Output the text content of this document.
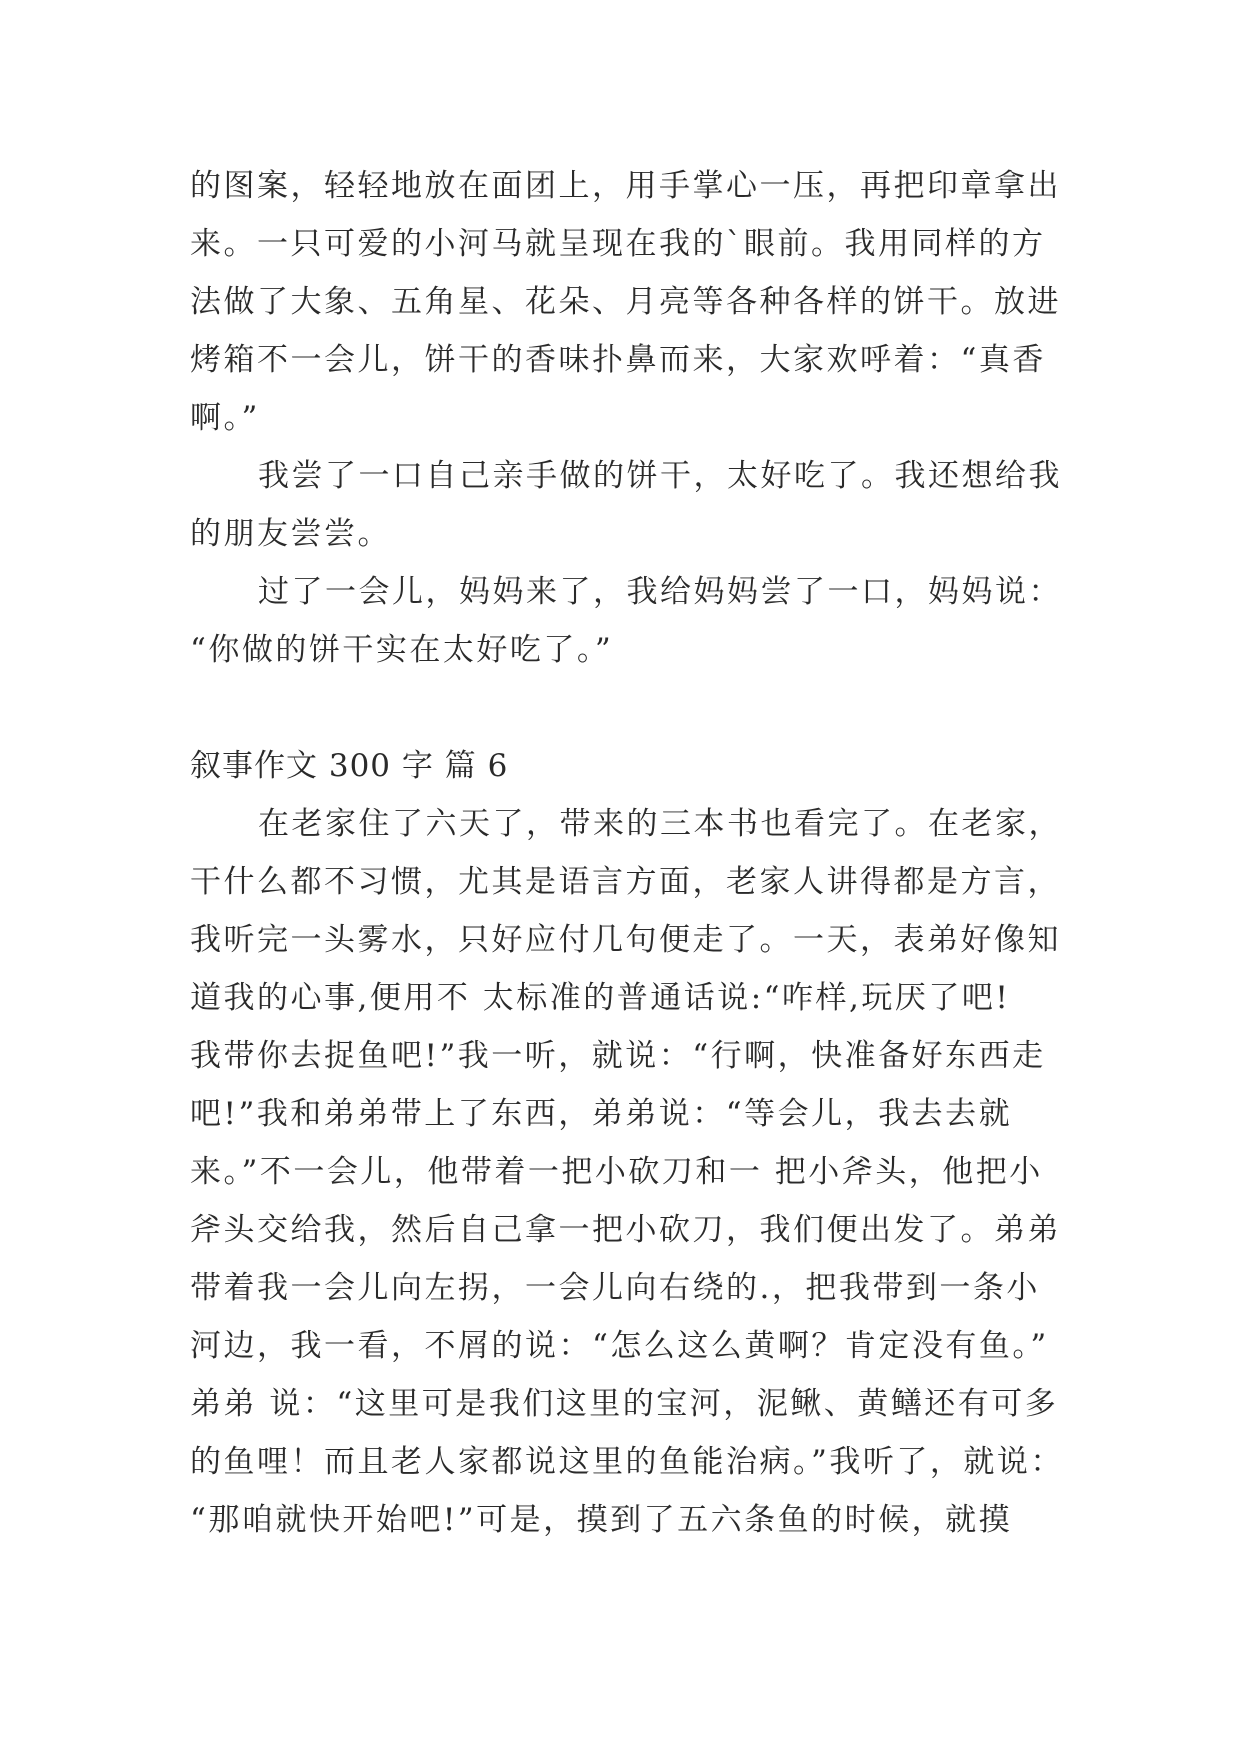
的图案，轻轻地放在面团上，用手掌心一压，再把印章拿出
来。一只可爱的小河马就呈现在我的`眼前。我用同样的方
法做了大象、五角星、花朵、月亮等各种各样的饼干。放进
烤箱不一会儿，饼干的香味扑鼻而来，大家欢呼着：“真香
啊。”
我尝了一口自己亲手做的饼干，太好吃了。我还想给我
的朋友尝尝。
过了一会儿，妈妈来了，我给妈妈尝了一口，妈妈说：
“你做的饼干实在太好吃了。”
叙事作文 300 字 篇 6
在老家住了六天了，带来的三本书也看完了。在老家，
干什么都不习惯，尤其是语言方面，老家人讲得都是方言，
我听完一头雾水，只好应付几句便走了。一天，表弟好像知
道我的心事,便用不 太标准的普通话说:“咋样,玩厌了吧!
我带你去捉鱼吧!”我一听，就说：“行啊，快准备好东西走
吧!”我和弟弟带上了东西，弟弟说：“等会儿，我去去就
来。”不一会儿，他带着一把小砍刀和一 把小斧头，他把小
斧头交给我，然后自己拿一把小砍刀，我们便出发了。弟弟
带着我一会儿向左拐，一会儿向右绕的.，把我带到一条小
河边，我一看，不屑的说：“怎么这么黄啊？肯定没有鱼。”
弟弟 说：“这里可是我们这里的宝河，泥鳅、黄鳝还有可多
的鱼哩！而且老人家都说这里的鱼能治病。”我听了，就说：
“那咱就快开始吧!”可是，摸到了五六条鱼的时候，就摸
